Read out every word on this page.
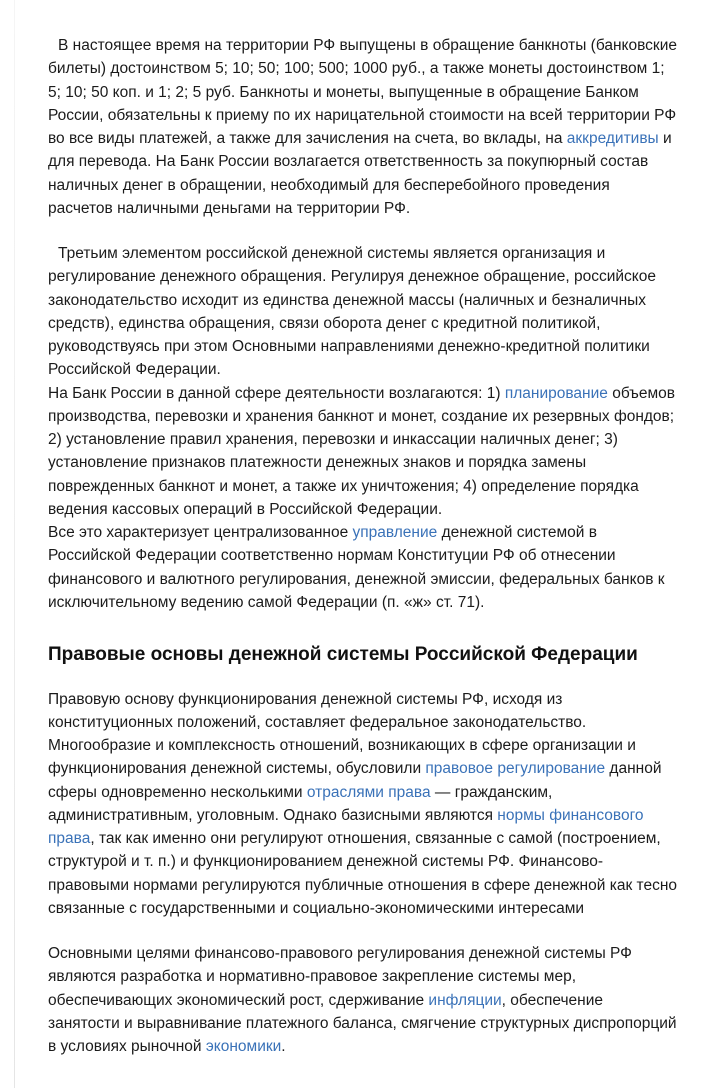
В настоящее время на территории РФ выпущены в обращение банкноты (банковские билеты) достоинством 5; 10; 50; 100; 500; 1000 руб., а также монеты достоинством 1; 5; 10; 50 коп. и 1; 2; 5 руб. Банкноты и монеты, выпущенные в обращение Банком России, обязательны к приему по их нарицательной стоимости на всей территории РФ во все виды платежей, а также для зачисления на счета, во вклады, на аккредитивы и для перевода. На Банк России возлагается ответственность за покупюрный состав наличных денег в обращении, необходимый для бесперебойного проведения расчетов наличными деньгами на территории РФ.

Третьим элементом российской денежной системы является организация и регулирование денежного обращения. Регулируя денежное обращение, российское законодательство исходит из единства денежной массы (наличных и безналичных средств), единства обращения, связи оборота денег с кредитной политикой, руководствуясь при этом Основными направлениями денежно-кредитной политики Российской Федерации.

На Банк России в данной сфере деятельности возлагаются: 1) планирование объемов производства, перевозки и хранения банкнот и монет, создание их резервных фондов; 2) установление правил хранения, перевозки и инкассации наличных денег; 3) установление признаков платежности денежных знаков и порядка замены поврежденных банкнот и монет, а также их уничтожения; 4) определение порядка ведения кассовых операций в Российской Федерации.

Все это характеризует централизованное управление денежной системой в Российской Федерации соответственно нормам Конституции РФ об отнесении финансового и валютного регулирования, денежной эмиссии, федеральных банков к исключительному ведению самой Федерации (п. «ж» ст. 71).

Правовые основы денежной системы Российской Федерации

Правовую основу функционирования денежной системы РФ, исходя из конституционных положений, составляет федеральное законодательство. Многообразие и комплексность отношений, возникающих в сфере организации и функционирования денежной системы, обусловили правовое регулирование данной сферы одновременно несколькими отраслями права — гражданским, административным, уголовным. Однако базисными являются нормы финансового права, так как именно они регулируют отношения, связанные с самой (построением, структурой и т. п.) и функционированием денежной системы РФ. Финансово-правовыми нормами регулируются публичные отношения в сфере денежной как тесно связанные с государственными и социально-экономическими интересами

Основными целями финансово-правового регулирования денежной системы РФ являются разработка и нормативно-правовое закрепление системы мер, обеспечивающих экономический рост, сдерживание инфляции, обеспечение занятости и выравнивание платежного баланса, смягчение структурных диспропорций в условиях рыночной экономики.
